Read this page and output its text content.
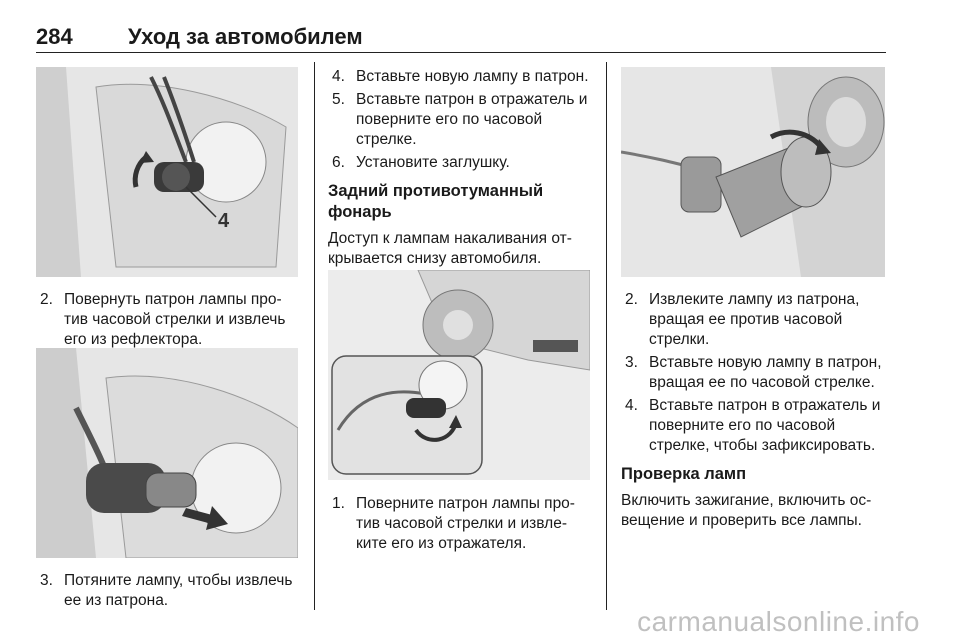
284	Уход за автомобилем
4
2. Повернуть патрон лампы про-тив часовой стрелки и извлечь его из рефлектора.
3. Потяните лампу, чтобы извлечь ее из патрона.
4. Вставьте новую лампу в патрон.
5. Вставьте патрон в отражатель и поверните его по часовой стрелке.
6. Установите заглушку.
Задний противотуманный фонарь
Доступ к лампам накаливания от-крывается снизу автомобиля.
1. Поверните патрон лампы про-тив часовой стрелки и извле-ките его из отражателя.
2. Извлеките лампу из патрона, вращая ее против часовой стрелки.
3. Вставьте новую лампу в патрон, вращая ее по часовой стрелке.
4. Вставьте патрон в отражатель и поверните его по часовой стрелке, чтобы зафиксировать.
Проверка ламп
Включить зажигание, включить ос-вещение и проверить все лампы.
carmanualsonline.info
